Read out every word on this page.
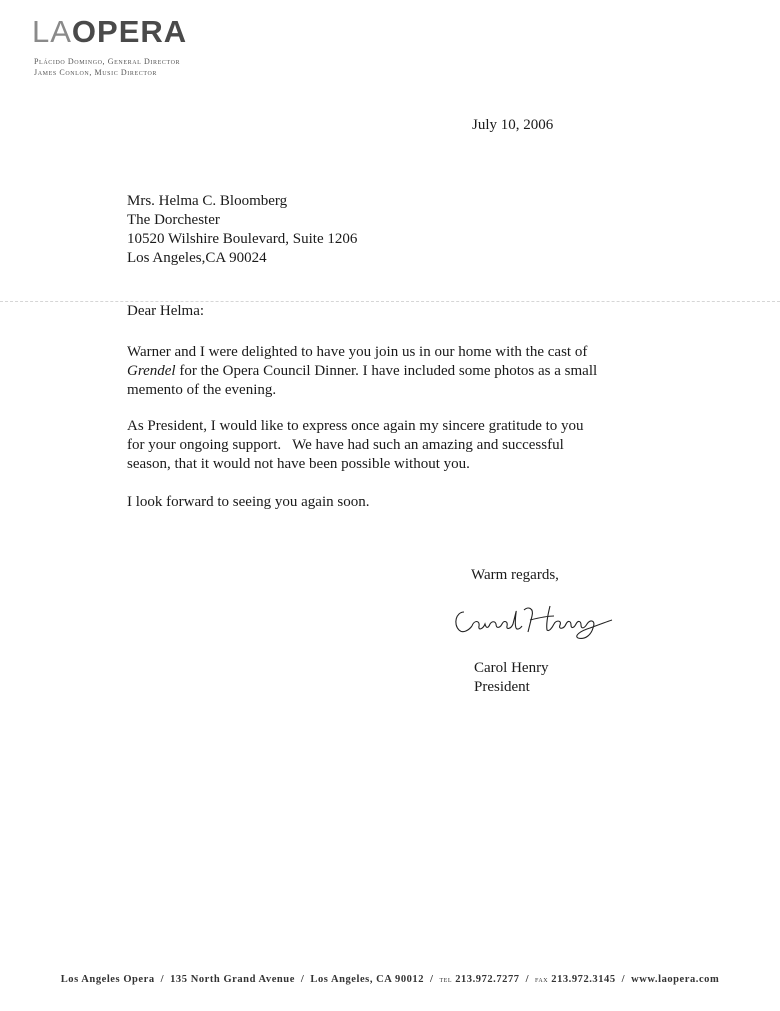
LAOPERA
Plácido Domingo, General Director
James Conlon, Music Director
July 10, 2006
Mrs. Helma C. Bloomberg
The Dorchester
10520 Wilshire Boulevard, Suite 1206
Los Angeles,CA 90024
Dear Helma:
Warner and I were delighted to have you join us in our home with the cast of
Grendel for the Opera Council Dinner. I have included some photos as a small
memento of the evening.
As President, I would like to express once again my sincere gratitude to you
for your ongoing support.   We have had such an amazing and successful
season, that it would not have been possible without you.
I look forward to seeing you again soon.
Warm regards,
Carol Henry
President
Los Angeles Opera / 135 North Grand Avenue / Los Angeles, CA 90012 / tel 213.972.7277 / fax 213.972.3145 / www.laopera.com
